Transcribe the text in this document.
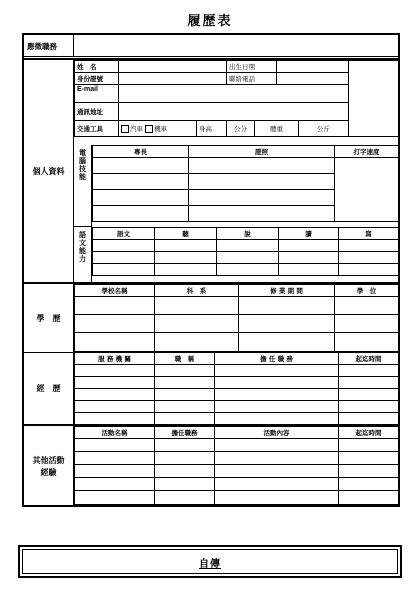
履歷表
應徵職務
個人資料
姓　名			出生日期				
身份證號			聯絡電話				
E-mail							
通訊地址							
交通工具	汽車 機車	身高	公分	體重		公斤	
電腦技能	專長	證照	打字速度

語文能力	語文	聽	說	讀	寫

學　歷
學校名稱	科　系	修 業 期 間	學　位

經　歷
服 務 機 關	職　稱	擔 任 職 務	起迄時間

其他活動經驗
活動名稱	擔任職務	活動內容	起迄時間

自傳
